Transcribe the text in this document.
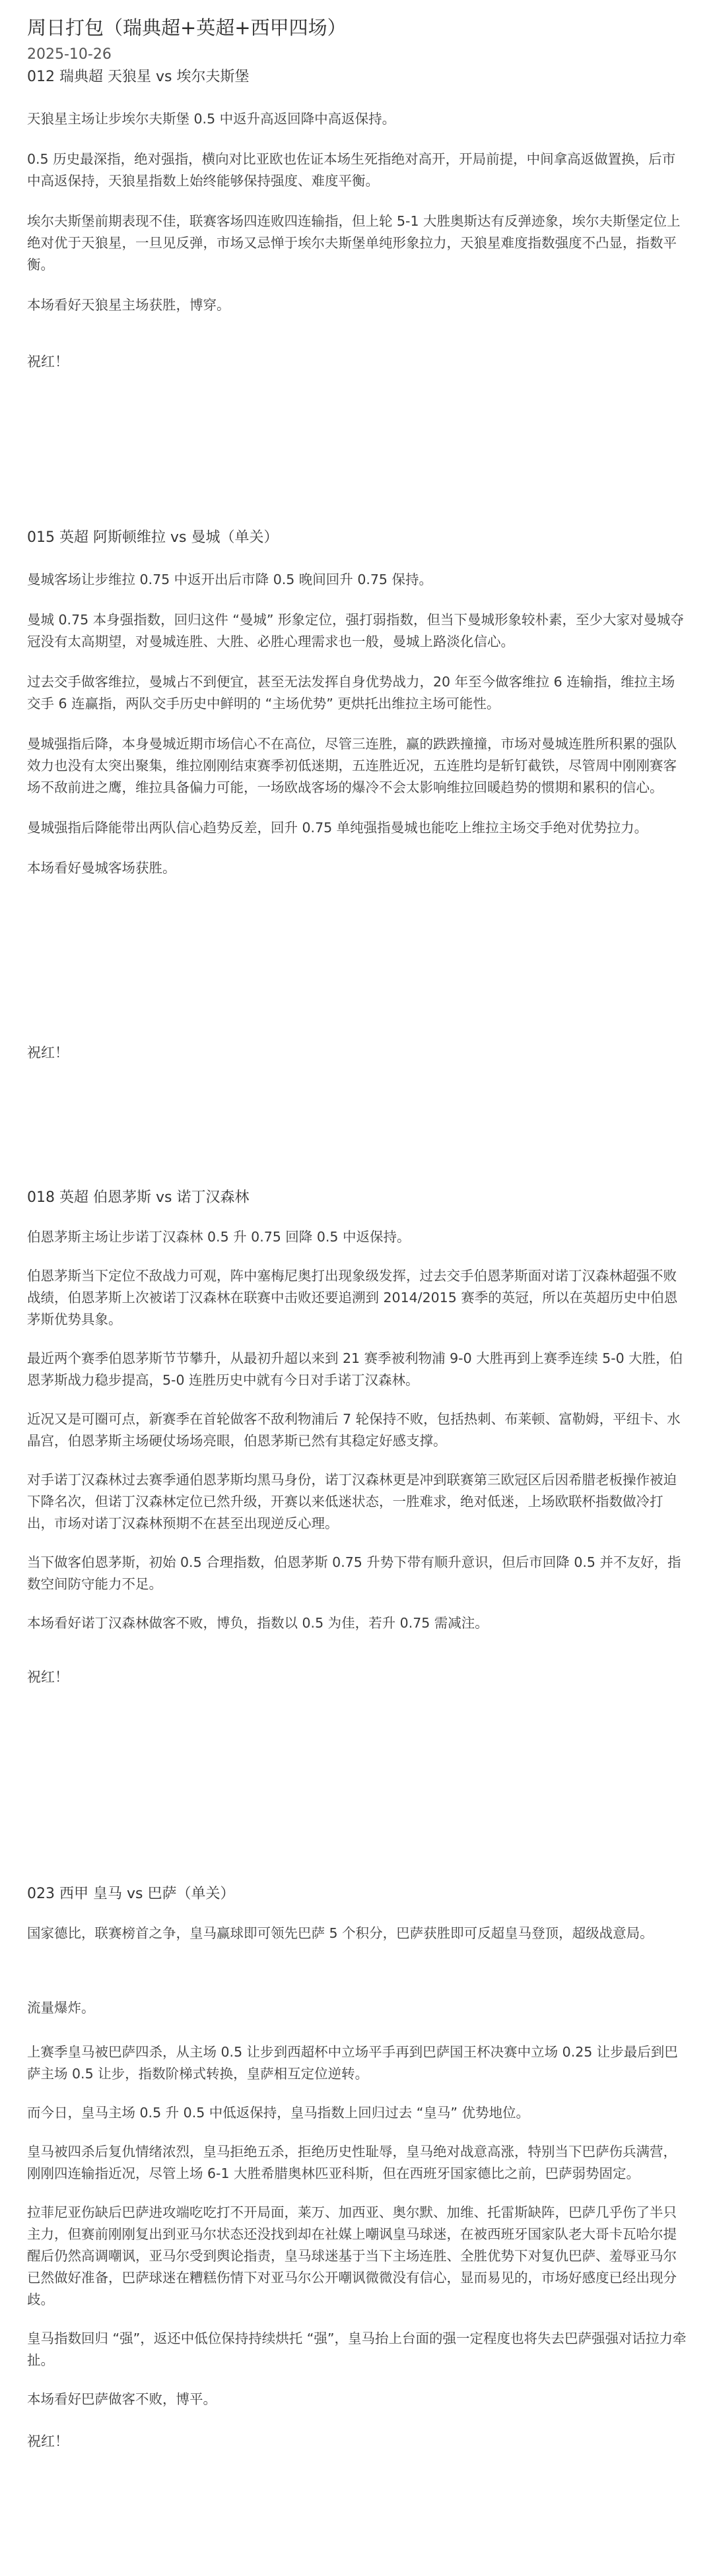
周日打包（瑞典超+英超+西甲四场）
2025-10-26

012 瑞典超 天狼星 vs 埃尔夫斯堡

天狼星主场让步埃尔夫斯堡 0.5 中返升高返回降中高返保持。

0.5 历史最深指，绝对强指，横向对比亚欧也佐证本场生死指绝对高开，开局前提，中间拿高返做置换，后市中高返保持，天狼星指数上始终能够保持强度、难度平衡。

埃尔夫斯堡前期表现不佳，联赛客场四连败四连输指，但上轮 5-1 大胜奥斯达有反弹迹象，埃尔夫斯堡定位上绝对优于天狼星，一旦见反弹，市场又忌惮于埃尔夫斯堡单纯形象拉力，天狼星难度指数强度不凸显，指数平衡。

本场看好天狼星主场获胜，博穿。

祝红！

015 英超 阿斯顿维拉 vs 曼城（单关）

曼城客场让步维拉 0.75 中返开出后市降 0.5 晚间回升 0.75 保持。

曼城 0.75 本身强指数，回归这件 “曼城” 形象定位，强打弱指数，但当下曼城形象较朴素，至少大家对曼城夺冠没有太高期望，对曼城连胜、大胜、必胜心理需求也一般，曼城上路淡化信心。

过去交手做客维拉，曼城占不到便宜，甚至无法发挥自身优势战力，20 年至今做客维拉 6 连输指，维拉主场交手 6 连赢指，两队交手历史中鲜明的 “主场优势” 更烘托出维拉主场可能性。

曼城强指后降，本身曼城近期市场信心不在高位，尽管三连胜，赢的跌跌撞撞，市场对曼城连胜所积累的强队效力也没有太突出聚集，维拉刚刚结束赛季初低迷期，五连胜近况，五连胜均是斩钉截铁，尽管周中刚刚赛客场不敌前进之鹰，维拉具备偏力可能，一场欧战客场的爆冷不会太影响维拉回暖趋势的惯期和累积的信心。

曼城强指后降能带出两队信心趋势反差，回升 0.75 单纯强指曼城也能吃上维拉主场交手绝对优势拉力。

本场看好曼城客场获胜。

祝红！

018 英超 伯恩茅斯 vs 诺丁汉森林

伯恩茅斯主场让步诺丁汉森林 0.5 升 0.75 回降 0.5 中返保持。

伯恩茅斯当下定位不敌战力可观，阵中塞梅尼奥打出现象级发挥，过去交手伯恩茅斯面对诺丁汉森林超强不败战绩，伯恩茅斯上次被诺丁汉森林在联赛中击败还要追溯到 2014/2015 赛季的英冠，所以在英超历史中伯恩茅斯优势具象。

最近两个赛季伯恩茅斯节节攀升，从最初升超以来到 21 赛季被利物浦 9-0 大胜再到上赛季连续 5-0 大胜，伯恩茅斯战力稳步提高，5-0 连胜历史中就有今日对手诺丁汉森林。

近况又是可圈可点，新赛季在首轮做客不敌利物浦后 7 轮保持不败，包括热刺、布莱顿、富勒姆，平纽卡、水晶宫，伯恩茅斯主场硬仗场场亮眼，伯恩茅斯已然有其稳定好感支撑。

对手诺丁汉森林过去赛季通伯恩茅斯均黑马身份，诺丁汉森林更是冲到联赛第三欧冠区后因希腊老板操作被迫下降名次，但诺丁汉森林定位已然升级，开赛以来低迷状态，一胜难求，绝对低迷，上场欧联杯指数做冷打出，市场对诺丁汉森林预期不在甚至出现逆反心理。

当下做客伯恩茅斯，初始 0.5 合理指数，伯恩茅斯 0.75 升势下带有顺升意识，但后市回降 0.5 并不友好，指数空间防守能力不足。

本场看好诺丁汉森林做客不败，博负，指数以 0.5 为佳，若升 0.75 需减注。

祝红！

023 西甲 皇马 vs 巴萨（单关）

国家德比，联赛榜首之争，皇马赢球即可领先巴萨 5 个积分，巴萨获胜即可反超皇马登顶，超级战意局。

流量爆炸。

上赛季皇马被巴萨四杀，从主场 0.5 让步到西超杯中立场平手再到巴萨国王杯决赛中立场 0.25 让步最后到巴萨主场 0.5 让步，指数阶梯式转换，皇萨相互定位逆转。

而今日，皇马主场 0.5 升 0.5 中低返保持，皇马指数上回归过去 “皇马” 优势地位。

皇马被四杀后复仇情绪浓烈，皇马拒绝五杀，拒绝历史性耻辱，皇马绝对战意高涨，特别当下巴萨伤兵满营，刚刚四连输指近况，尽管上场 6-1 大胜希腊奥林匹亚科斯，但在西班牙国家德比之前，巴萨弱势固定。

拉菲尼亚伤缺后巴萨进攻端吃吃打不开局面，莱万、加西亚、奥尔默、加维、托雷斯缺阵，巴萨几乎伤了半只主力，但赛前刚刚复出到亚马尔状态还没找到却在社媒上嘲讽皇马球迷，在被西班牙国家队老大哥卡瓦哈尔提醒后仍然高调嘲讽，亚马尔受到舆论指责，皇马球迷基于当下主场连胜、全胜优势下对复仇巴萨、羞辱亚马尔已然做好准备，巴萨球迷在糟糕伤情下对亚马尔公开嘲讽微微没有信心，显而易见的，市场好感度已经出现分歧。

皇马指数回归 “强”，返还中低位保持持续烘托 “强”，皇马抬上台面的强一定程度也将失去巴萨强强对话拉力牵扯。

本场看好巴萨做客不败，博平。

祝红！
